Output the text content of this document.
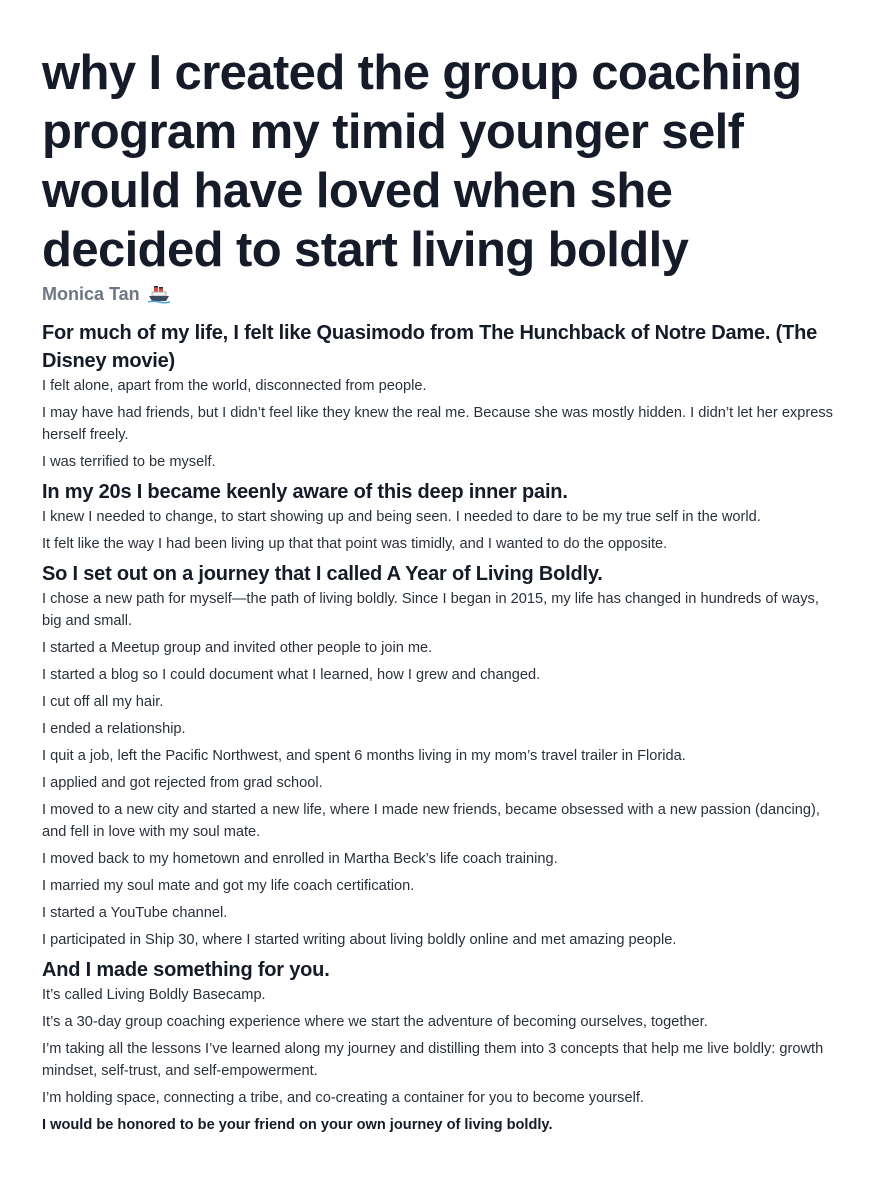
why I created the group coaching program my timid younger self would have loved when she decided to start living boldly
Monica Tan
For much of my life, I felt like Quasimodo from The Hunchback of Notre Dame. (The Disney movie)

I felt alone, apart from the world, disconnected from people.

I may have had friends, but I didn’t feel like they knew the real me. Because she was mostly hidden. I didn’t let her express herself freely.

I was terrified to be myself.

In my 20s I became keenly aware of this deep inner pain.

I knew I needed to change, to start showing up and being seen. I needed to dare to be my true self in the world.

It felt like the way I had been living up that that point was timidly, and I wanted to do the opposite.

So I set out on a journey that I called A Year of Living Boldly.

I chose a new path for myself—the path of living boldly. Since I began in 2015, my life has changed in hundreds of ways, big and small.

I started a Meetup group and invited other people to join me.

I started a blog so I could document what I learned, how I grew and changed.

I cut off all my hair.

I ended a relationship.

I quit a job, left the Pacific Northwest, and spent 6 months living in my mom’s travel trailer in Florida.

I applied and got rejected from grad school.

I moved to a new city and started a new life, where I made new friends, became obsessed with a new passion (dancing), and fell in love with my soul mate.

I moved back to my hometown and enrolled in Martha Beck’s life coach training.

I married my soul mate and got my life coach certification.

I started a YouTube channel.

I participated in Ship 30, where I started writing about living boldly online and met amazing people.

And I made something for you.

It’s called Living Boldly Basecamp.

It’s a 30-day group coaching experience where we start the adventure of becoming ourselves, together.

I’m taking all the lessons I’ve learned along my journey and distilling them into 3 concepts that help me live boldly: growth mindset, self-trust, and self-empowerment.

I’m holding space, connecting a tribe, and co-creating a container for you to become yourself.

I would be honored to be your friend on your own journey of living boldly.
